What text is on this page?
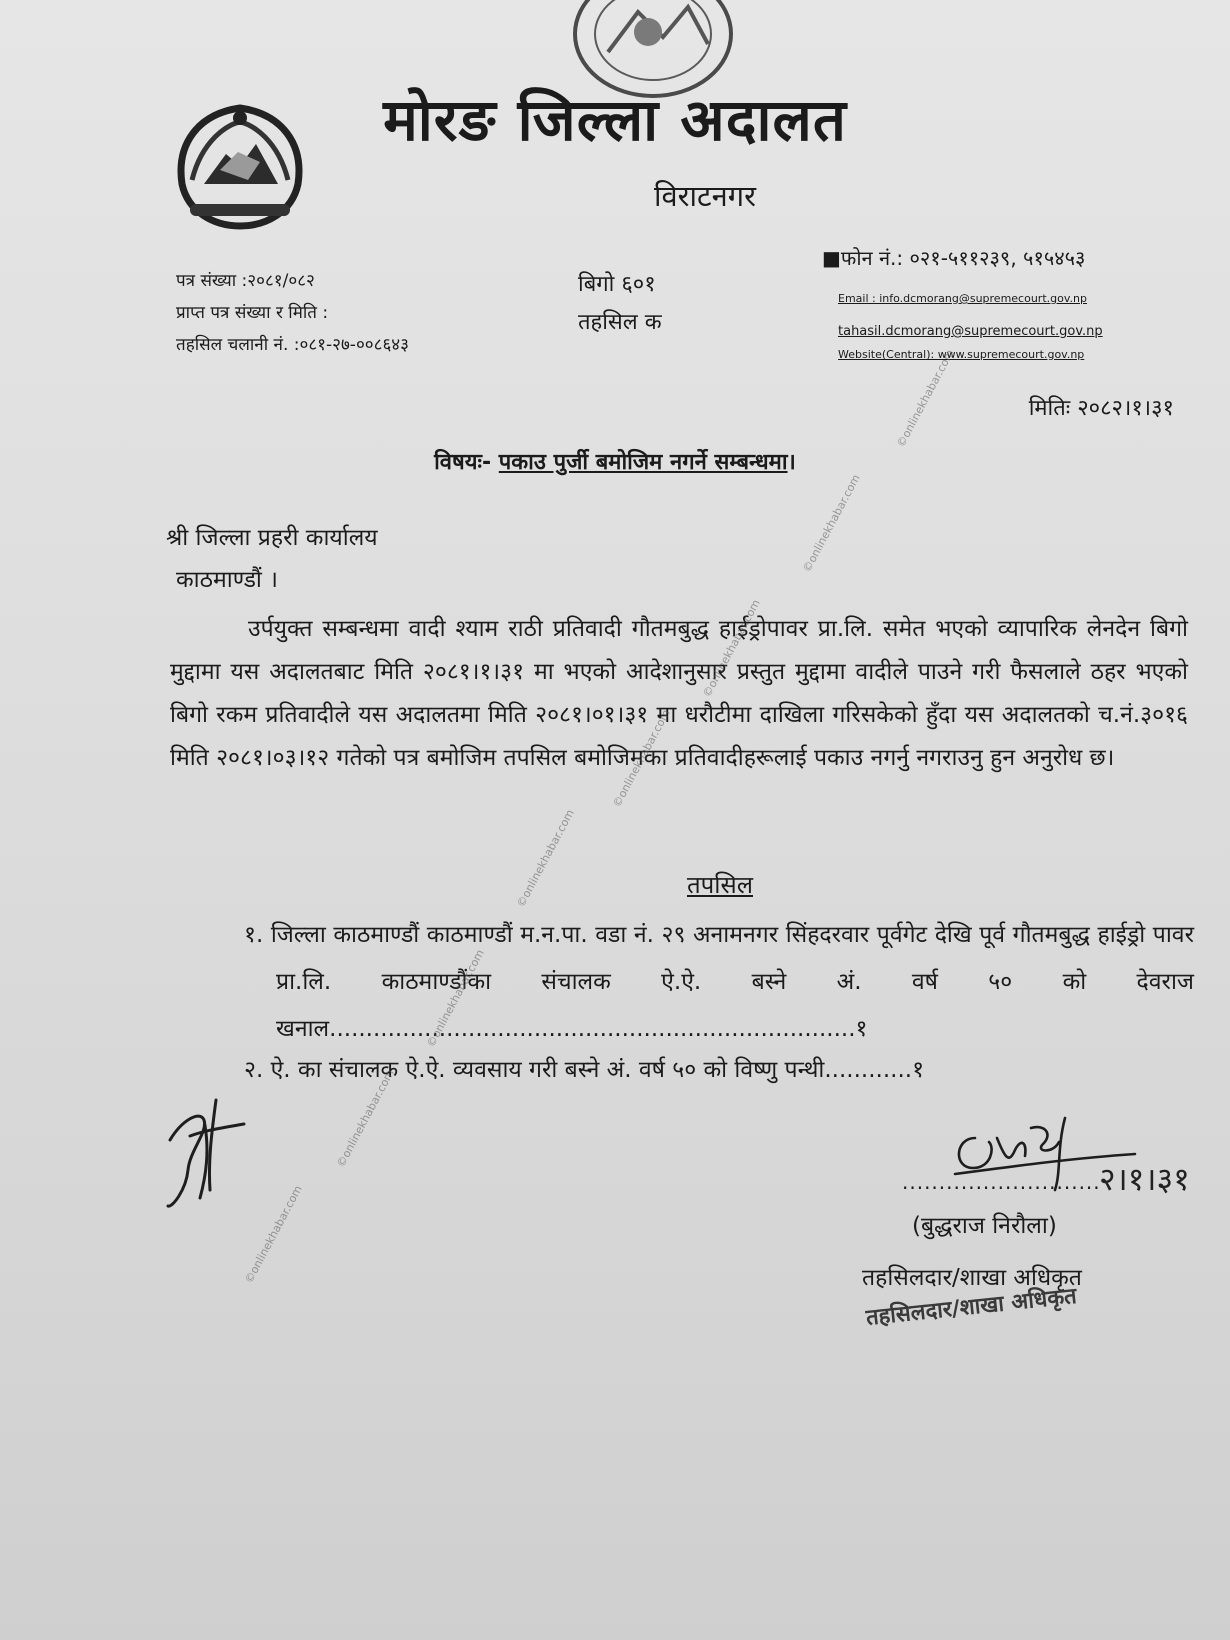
मोरङ जिल्ला अदालत
विराटनगर
पत्र संख्या :२०८१/०८२
प्राप्त पत्र संख्या र मिति :
तहसिल चलानी नं. :०८१-२७-००८६४३
बिगो ६०१
तहसिल क
■फोन नं.: ०२१-५११२३९, ५१५४५३
Email : info.dcmorang@supremecourt.gov.np
tahasil.dcmorang@supremecourt.gov.np
Website(Central): www.supremecourt.gov.np
मितिः २०८२।१।३१
विषयः- पकाउ पुर्जी बमोजिम नगर्ने सम्बन्धमा।
श्री जिल्ला प्रहरी कार्यालय
काठमाण्डौं ।

उर्पयुक्त सम्बन्धमा वादी श्याम राठी प्रतिवादी गौतमबुद्ध हाईड्रोपावर प्रा.लि. समेत भएको व्यापारिक लेनदेन बिगो मुद्दामा यस अदालतबाट मिति २०८१।१।३१ मा भएको आदेशानुसार प्रस्तुत मुद्दामा वादीले पाउने गरी फैसलाले ठहर भएको बिगो रकम प्रतिवादीले यस अदालतमा मिति २०८१।०१।३१ मा धरौटीमा दाखिला गरिसकेको हुँदा यस अदालतको च.नं.३०१६ मिति २०८१।०३।१२ गतेको पत्र बमोजिम तपसिल बमोजिमका प्रतिवादीहरूलाई पकाउ नगर्नु नगराउनु हुन अनुरोध छ।

तपसिल

१. जिल्ला काठमाण्डौं काठमाण्डौं म.न.पा. वडा नं. २९ अनामनगर सिंहदरवार पूर्वगेट देखि पूर्व गौतमबुद्ध हाईड्रो पावर प्रा.लि. काठमाण्डौंका संचालक ऐ.ऐ. बस्ने अं. वर्ष ५० को देवराज खनाल........................................................................१

२. ऐ. का संचालक ऐ.ऐ. व्यवसाय गरी बस्ने अं. वर्ष ५० को विष्णु पन्थी............१
२।१।३१
...........................
(बुद्धराज निरौला)
तहसिलदार/शाखा अधिकृत
तहसिलदार/शाखा अधिकृत
©onlinekhabar.com
©onlinekhabar.com
©onlinekhabar.com
©onlinekhabar.com
©onlinekhabar.com
©onlinekhabar.com
©onlinekhabar.com
©onlinekhabar.com
